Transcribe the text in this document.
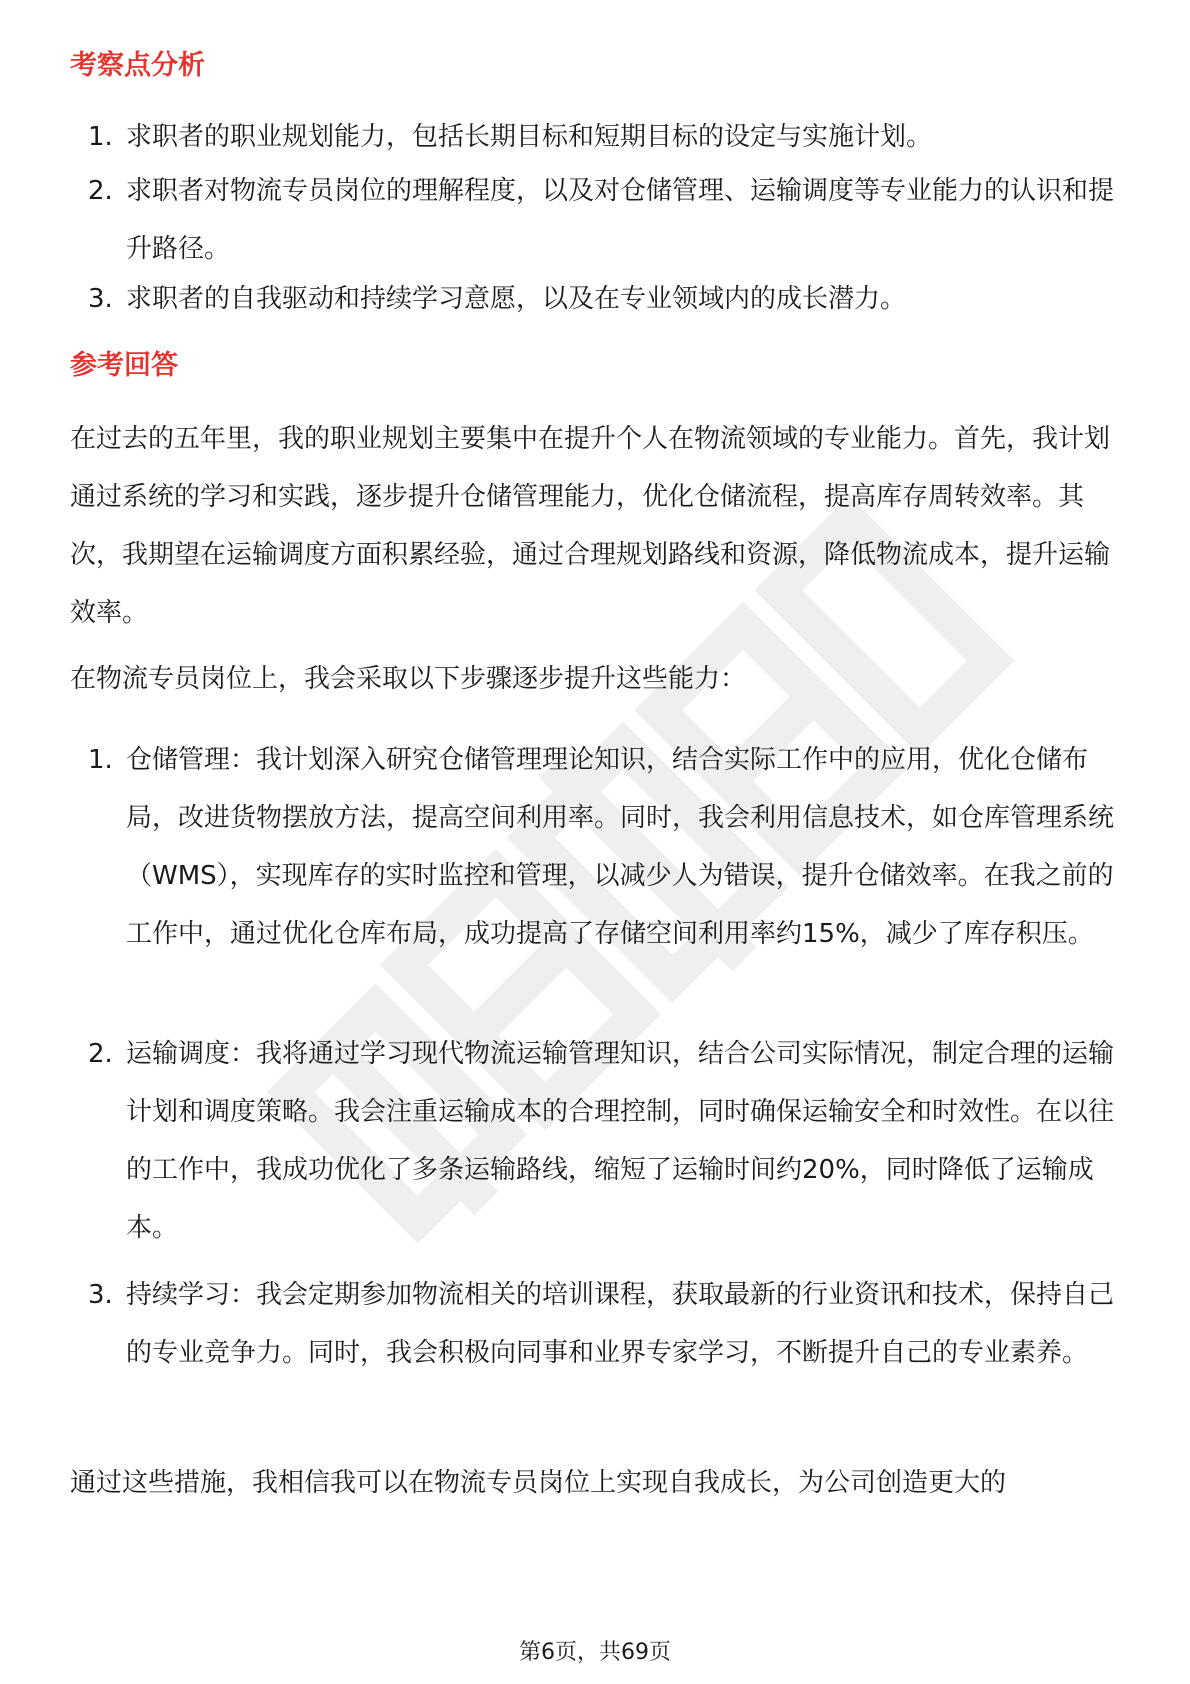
考察点分析
1. 求职者的职业规划能力，包括长期目标和短期目标的设定与实施计划。
2. 求职者对物流专员岗位的理解程度，以及对仓储管理、运输调度等专业能力的认识和提升路径。
3. 求职者的自我驱动和持续学习意愿，以及在专业领域内的成长潜力。
参考回答

在过去的五年里，我的职业规划主要集中在提升个人在物流领域的专业能力。首先，我计划通过系统的学习和实践，逐步提升仓储管理能力，优化仓储流程，提高库存周转效率。其次，我期望在运输调度方面积累经验，通过合理规划路线和资源，降低物流成本，提升运输效率。

在物流专员岗位上，我会采取以下步骤逐步提升这些能力：

1. 仓储管理：我计划深入研究仓储管理理论知识，结合实际工作中的应用，优化仓储布局，改进货物摆放方法，提高空间利用率。同时，我会利用信息技术，如仓库管理系统（WMS），实现库存的实时监控和管理，以减少人为错误，提升仓储效率。在我之前的工作中，通过优化仓库布局，成功提高了存储空间利用率约15%，减少了库存积压。
2. 运输调度：我将通过学习现代物流运输管理知识，结合公司实际情况，制定合理的运输计划和调度策略。我会注重运输成本的合理控制，同时确保运输安全和时效性。在以往的工作中，我成功优化了多条运输路线，缩短了运输时间约20%，同时降低了运输成本。
3. 持续学习：我会定期参加物流相关的培训课程，获取最新的行业资讯和技术，保持自己的专业竞争力。同时，我会积极向同事和业界专家学习，不断提升自己的专业素养。

通过这些措施，我相信我可以在物流专员岗位上实现自我成长，为公司创造更大的

第6页，共69页
